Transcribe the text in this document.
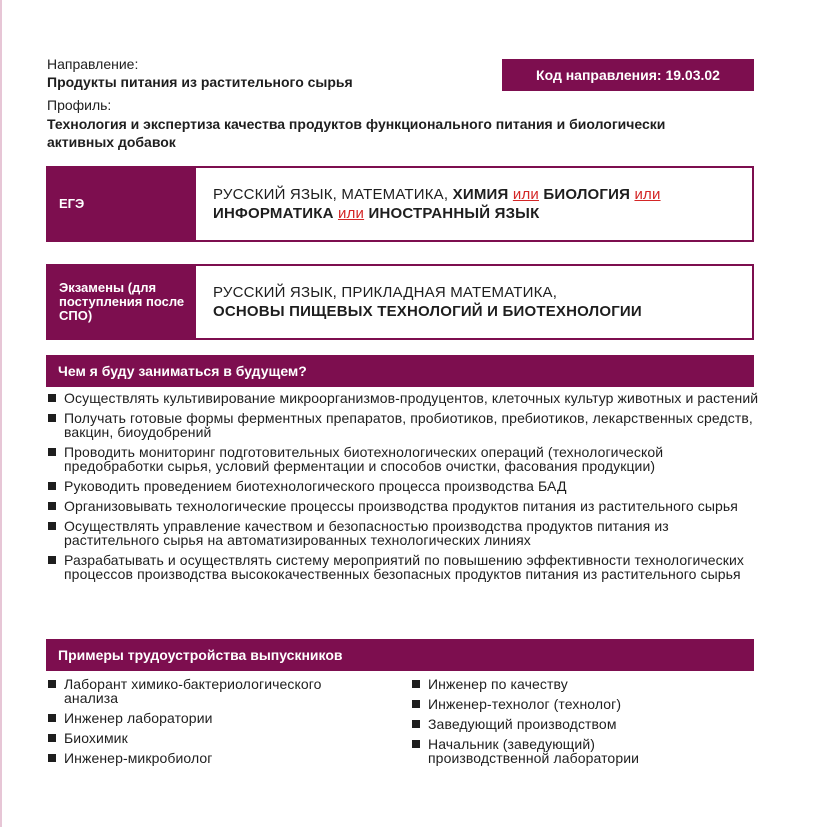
Направление:
Продукты питания из растительного сырья	Код направления: 19.03.02
Профиль:
Технология и экспертиза качества продуктов функционального питания и биологически активных добавок
ЕГЭ
РУССКИЙ ЯЗЫК, МАТЕМАТИКА, ХИМИЯ или БИОЛОГИЯ или
ИНФОРМАТИКА или ИНОСТРАННЫЙ ЯЗЫК
Экзамены (для поступления после СПО)
РУССКИЙ ЯЗЫК, ПРИКЛАДНАЯ МАТЕМАТИКА,
ОСНОВЫ ПИЩЕВЫХ ТЕХНОЛОГИЙ И БИОТЕХНОЛОГИИ
Чем я буду заниматься в будущем?
Осуществлять культивирование микроорганизмов-продуцентов, клеточных культур животных и растений
Получать готовые формы ферментных препаратов, пробиотиков, пребиотиков, лекарственных средств, вакцин, биоудобрений
Проводить мониторинг подготовительных биотехнологических операций (технологической предобработки сырья, условий ферментации и способов очистки, фасования продукции)
Руководить проведением биотехнологического процесса производства БАД
Организовывать технологические процессы производства продуктов питания из растительного сырья
Осуществлять управление качеством и безопасностью производства продуктов питания из растительного сырья на автоматизированных технологических линиях
Разрабатывать и осуществлять систему мероприятий по повышению эффективности технологических процессов производства высококачественных безопасных продуктов питания из растительного сырья
Примеры трудоустройства выпускников
Лаборант химико-бактериологического анализа
Инженер лаборатории
Биохимик
Инженер-микробиолог
Инженер по качеству
Инженер-технолог (технолог)
Заведующий производством
Начальник (заведующий) производственной лаборатории
